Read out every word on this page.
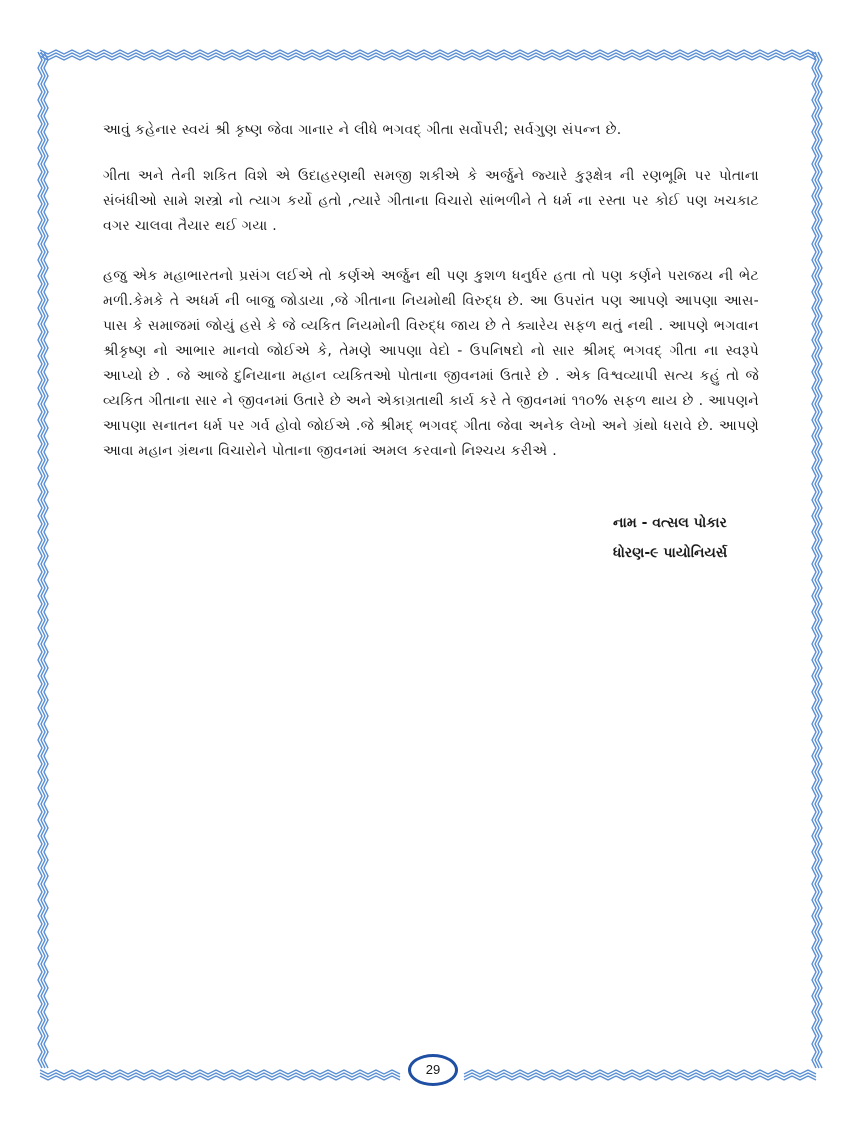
આવું કહેનાર સ્વયં શ્રી કૃષ્ણ જેવા ગાનાર ને લીધે ભગવદ્ ગીતા સર્વોપરી; સર્વગુણ સંપન્ન છે.

ગીતા અને તેની શકિત વિશે એ ઉદાહરણથી સમજી શકીએ કે અર્જુને જ્યારે કુરૂક્ષેત્ર ની રણભૂમિ પર પોતાના સંબંધીઓ સામે શસ્ત્રો નો ત્યાગ કર્યો હતો ,ત્યારે ગીતાના વિચારો સાંભળીને તે ધર્મ ના રસ્તા પર કોઈ પણ ખચકાટ વગર ચાલવા તૈયાર થઈ ગયા .

હજુ એક મહાભારતનો પ્રસંગ લઈએ તો કર્ણએ અર્જુન થી પણ કુશળ ધનુર્ધર હતા તો પણ કર્ણને પરાજય ની ભેટ મળી.કેમકે તે અધર્મ ની બાજુ જોડાયા ,જે ગીતાના નિયમોથી વિરુદ્ધ છે. આ ઉપરાંત પણ આપણે આપણા આસ-પાસ કે સમાજમાં જોયું હસે કે જે વ્યકિત નિયમોની વિરુદ્ધ જાય છે તે ક્યારેય સફળ થતું નથી . આપણે ભગવાન શ્રીકૃષ્ણ નો આભાર માનવો જોઈએ કે, તેમણે આપણા વેદો - ઉપનિષદો નો સાર શ્રીમદ્ ભગવદ્ ગીતા ના સ્વરૂપે આપ્યો છે . જે આજે દુનિયાના મહાન વ્યકિતઓ પોતાના જીવનમાં ઉતારે છે . એક વિશ્વવ્યાપી સત્ય કહું તો જે વ્યકિત ગીતાના સાર ને જીવનમાં ઉતારે છે અને એકાગ્રતાથી કાર્ય કરે તે જીવનમાં ૧૧૦% સફળ થાય છે . આપણને આપણા સનાતન ધર્મ પર ગર્વ હોવો જોઈએ .જે શ્રીમદ્ ભગવદ્ ગીતા જેવા અનેક લેખો અને ગ્રંથો ધરાવે છે. આપણે આવા મહાન ગ્રંથના વિચારોને પોતાના જીવનમાં અમલ કરવાનો નિશ્ચય કરીએ .

નામ - વત્સલ પોકાર
ધોરણ-૯ પાયોનિયર્સ
29
